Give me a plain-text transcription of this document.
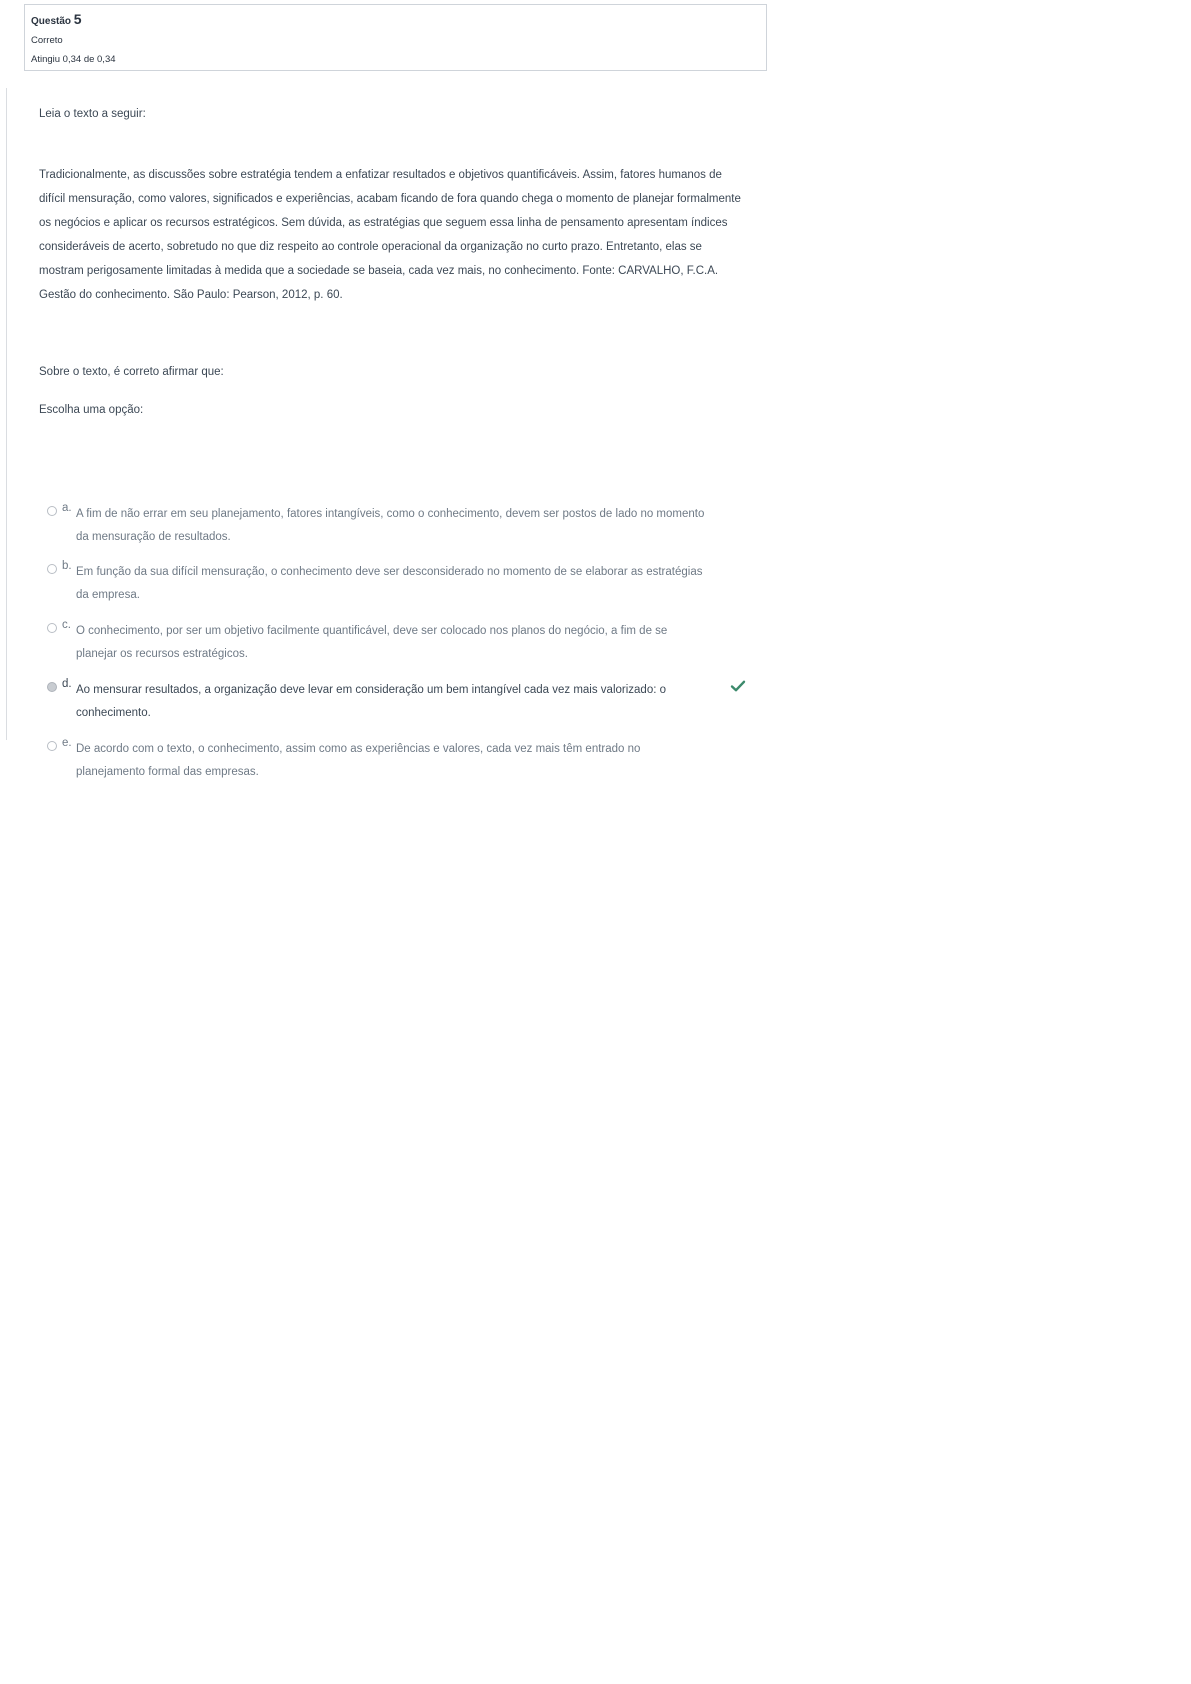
Questão 5
Correto
Atingiu 0,34 de 0,34

Leia o texto a seguir:

Tradicionalmente, as discussões sobre estratégia tendem a enfatizar resultados e objetivos quantificáveis. Assim, fatores humanos de difícil mensuração, como valores, significados e experiências, acabam ficando de fora quando chega o momento de planejar formalmente os negócios e aplicar os recursos estratégicos. Sem dúvida, as estratégias que seguem essa linha de pensamento apresentam índices consideráveis de acerto, sobretudo no que diz respeito ao controle operacional da organização no curto prazo. Entretanto, elas se mostram perigosamente limitadas à medida que a sociedade se baseia, cada vez mais, no conhecimento. Fonte: CARVALHO, F.C.A. Gestão do conhecimento. São Paulo: Pearson, 2012, p. 60.

Sobre o texto, é correto afirmar que:

Escolha uma opção:

a. A fim de não errar em seu planejamento, fatores intangíveis, como o conhecimento, devem ser postos de lado no momento da mensuração de resultados.
b. Em função da sua difícil mensuração, o conhecimento deve ser desconsiderado no momento de se elaborar as estratégias da empresa.
c. O conhecimento, por ser um objetivo facilmente quantificável, deve ser colocado nos planos do negócio, a fim de se planejar os recursos estratégicos.
d. Ao mensurar resultados, a organização deve levar em consideração um bem intangível cada vez mais valorizado: o conhecimento.
e. De acordo com o texto, o conhecimento, assim como as experiências e valores, cada vez mais têm entrado no planejamento formal das empresas.
